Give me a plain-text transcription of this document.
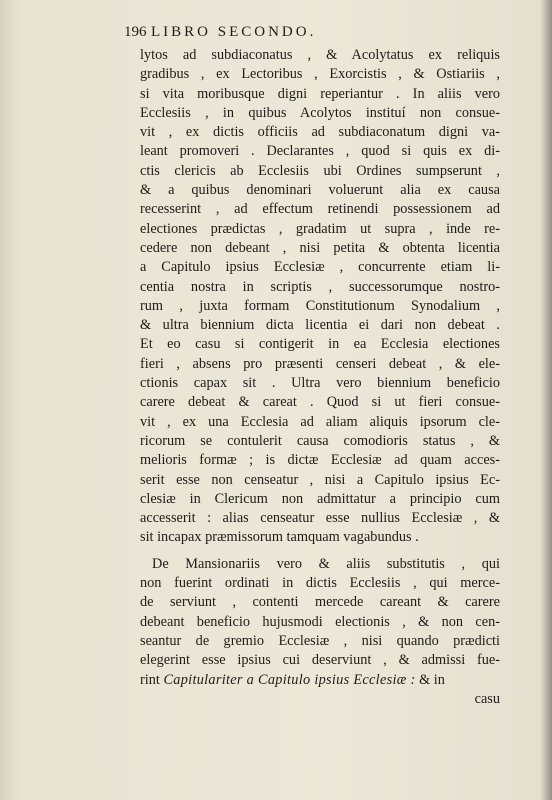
196 LIBRO SECONDO.
lytos ad subdiaconatus , & Acolytatus ex reliquis
gradibus , ex Lectoribus , Exorcistis , & Ostiariis ,
si vita moribusque digni reperiantur . In aliis vero
Ecclesiis , in quibus Acolytos instituí non consue-
vit , ex dictis officiis ad subdiaconatum digni va-
leant promoveri . Declarantes , quod si quis ex di-
ctis clericis ab Ecclesiis ubi Ordines sumpserunt ,
& a quibus denominari voluerunt alia ex causa
recesserint , ad effectum retinendi possessionem ad
electiones prædictas , gradatim ut supra , inde re-
cedere non debeant , nisi petita & obtenta licentia
a Capitulo ipsius Ecclesiæ , concurrente etiam li-
centia nostra in scriptis , successorumque nostro-
rum , juxta formam Constitutionum Synodalium ,
& ultra biennium dicta licentia ei dari non debeat .
Et eo casu si contigerit in ea Ecclesia electiones
fieri , absens pro præsenti censeri debeat , & ele-
ctionis capax sit . Ultra vero biennium beneficio
carere debeat & careat . Quod si ut fieri consue-
vit , ex una Ecclesia ad aliam aliquis ipsorum cle-
ricorum se contulerit causa comodioris status , &
melioris formæ ; is dictæ Ecclesiæ ad quam acces-
serit esse non censeatur , nisi a Capitulo ipsius Ec-
clesiæ in Clericum non admittatur a principio cum
accesserit : alias censeatur esse nullius Ecclesiæ , &
sit incapax præmissorum tamquam vagabundus .
De Mansionariis vero & aliis substitutis , qui
non fuerint ordinati in dictis Ecclesiis , qui merce-
de serviunt , contenti mercede careant & carere
debeant beneficio hujusmodi electionis , & non cen-
seantur de gremio Ecclesiæ , nisi quando prædicti
elegerint esse ipsius cui deserviunt , & admissi fue-
rint Capitulariter a Capitulo ipsius Ecclesiæ : & in
casu
